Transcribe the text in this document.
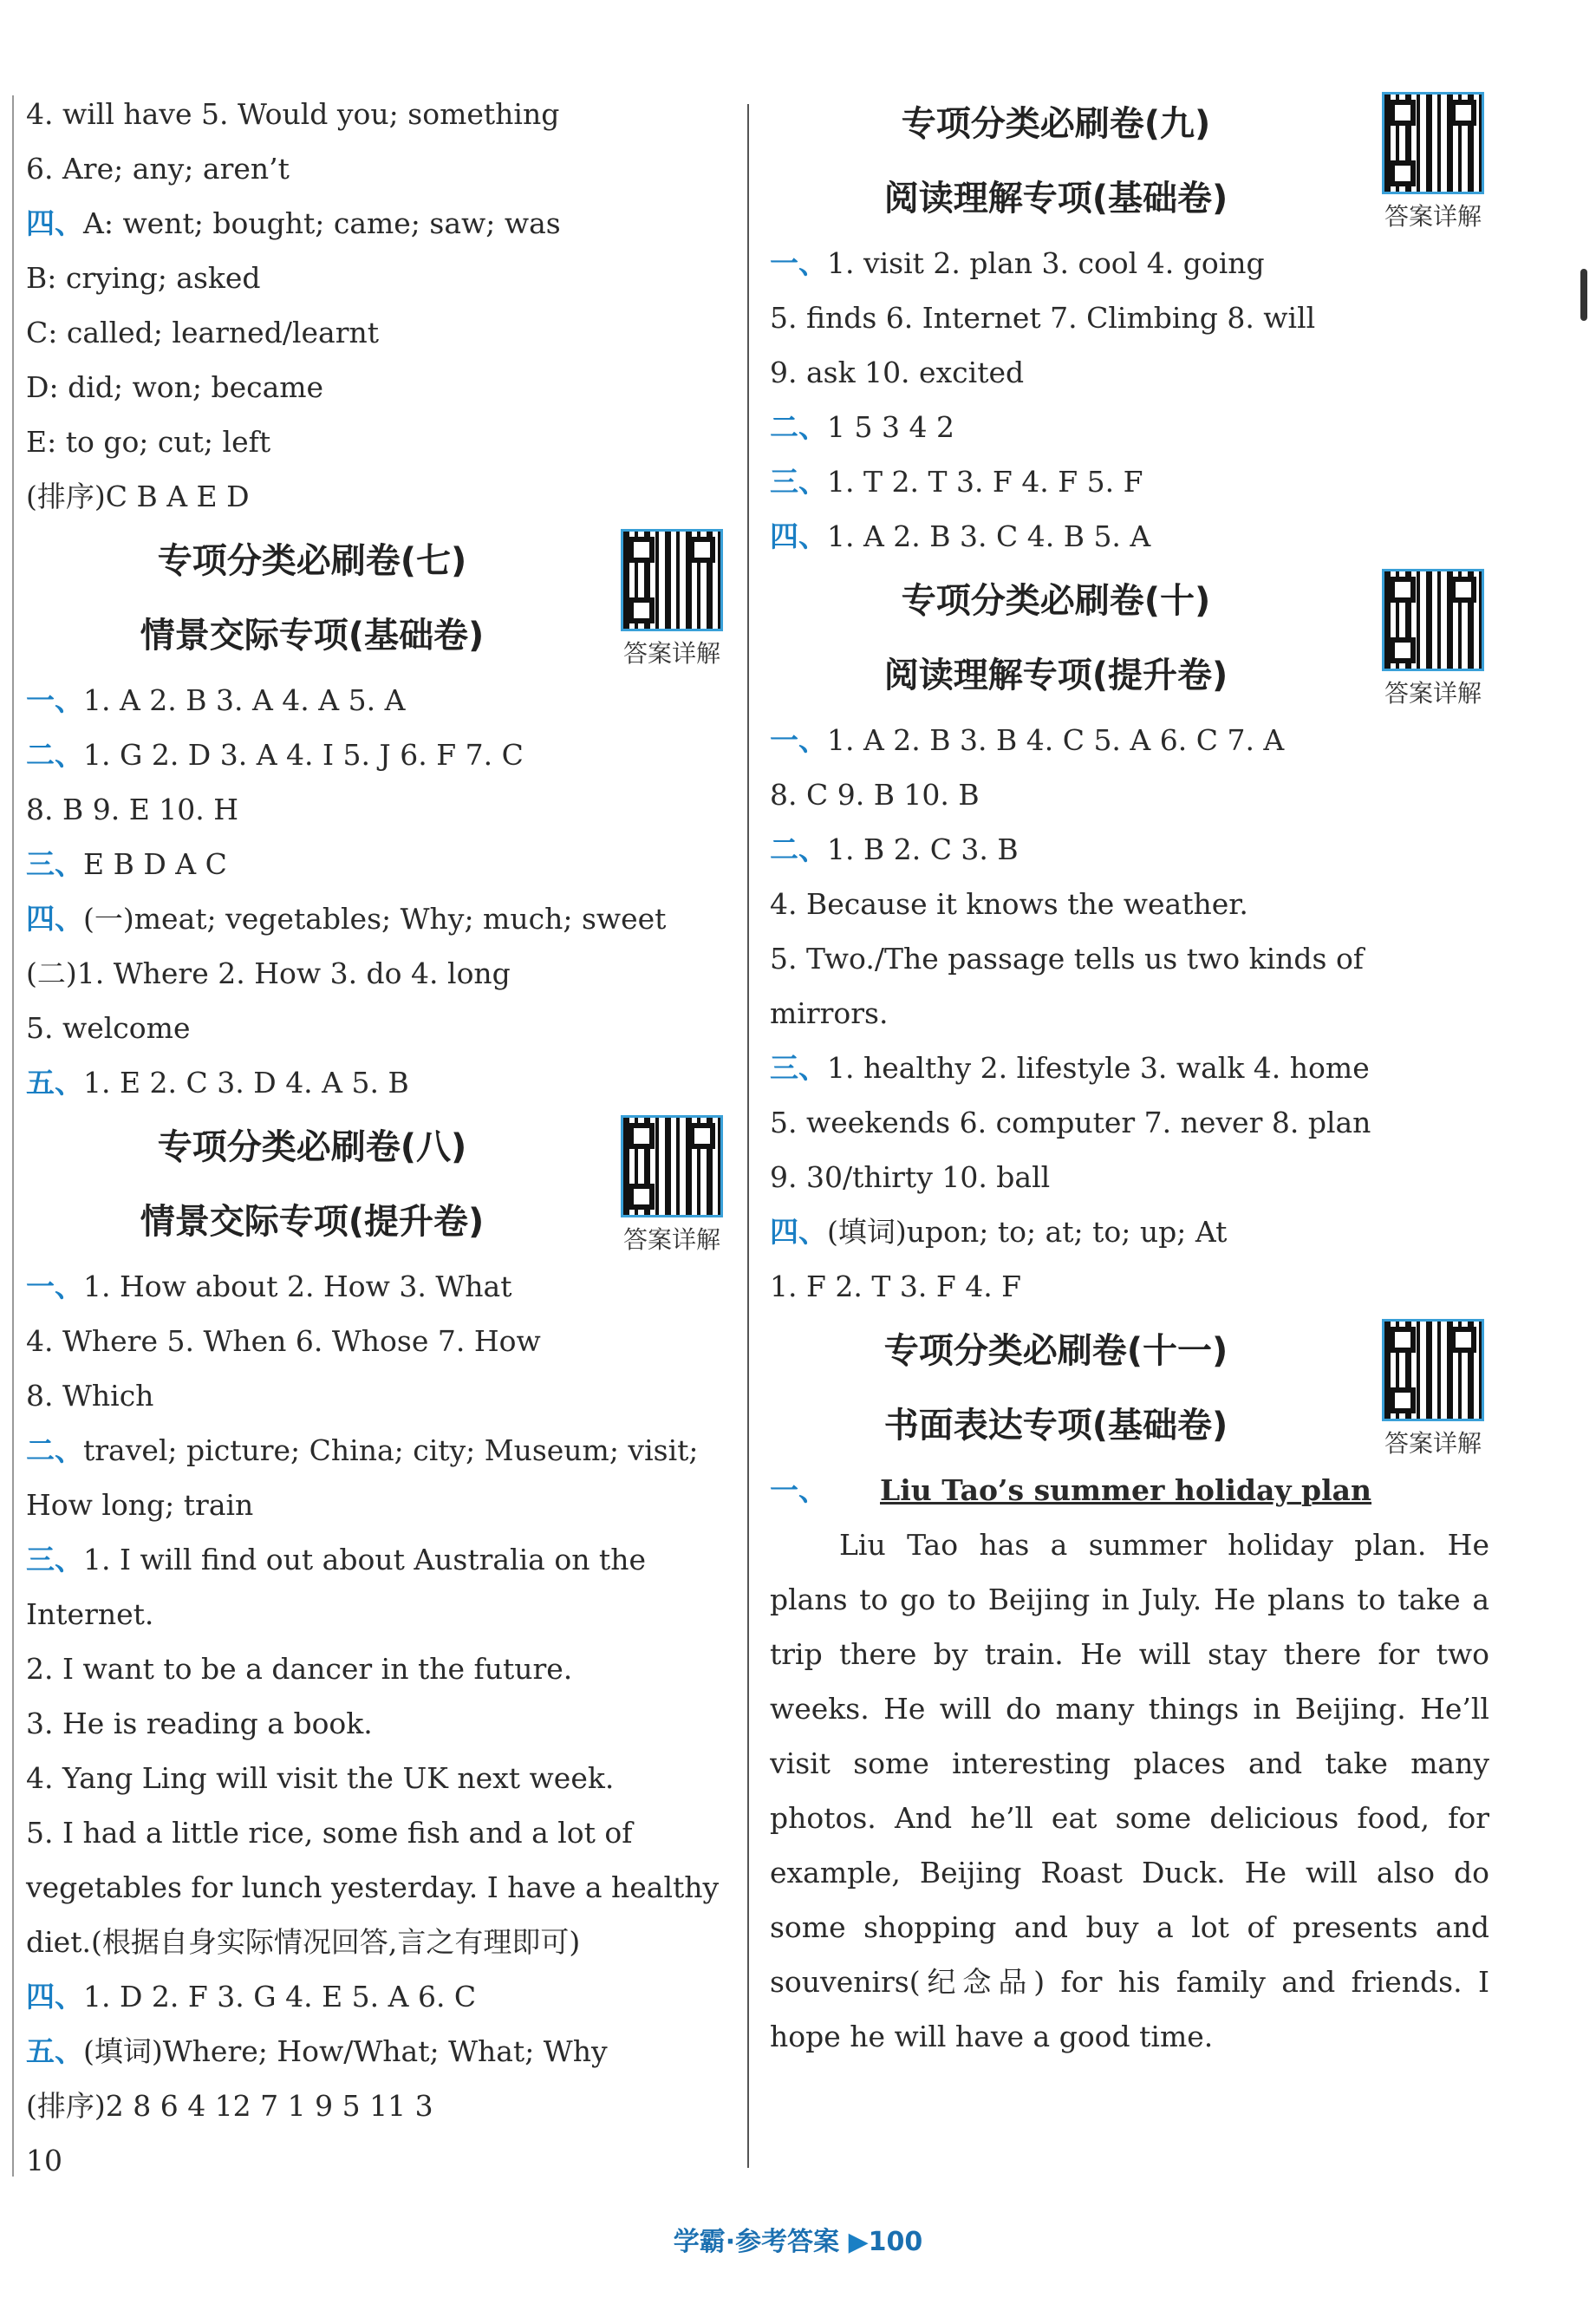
4. will have 5. Would you; something
6. Are; any; aren’t
四、A: went; bought; came; saw; was
B: crying; asked
C: called; learned/learnt
D: did; won; became
E: to go; cut; left
(排序)C B A E D
专项分类必刷卷(七)
情景交际专项(基础卷)	答案详解
一、1. A 2. B 3. A 4. A 5. A
二、1. G 2. D 3. A 4. I 5. J 6. F 7. C
8. B 9. E 10. H
三、E B D A C
四、(一)meat; vegetables; Why; much; sweet
(二)1. Where 2. How 3. do 4. long
5. welcome
五、1. E 2. C 3. D 4. A 5. B
专项分类必刷卷(八)
情景交际专项(提升卷)	答案详解
一、1. How about 2. How 3. What
4. Where 5. When 6. Whose 7. How
8. Which
二、travel; picture; China; city; Museum; visit;
How long; train
三、1. I will find out about Australia on the
Internet.
2. I want to be a dancer in the future.
3. He is reading a book.
4. Yang Ling will visit the UK next week.
5. I had a little rice, some fish and a lot of
vegetables for lunch yesterday. I have a healthy
diet.(根据自身实际情况回答,言之有理即可)
四、1. D 2. F 3. G 4. E 5. A 6. C
五、(填词)Where; How/What; What; Why
(排序)2 8 6 4 12 7 1 9 5 11 3
10
专项分类必刷卷(九)
阅读理解专项(基础卷)	答案详解
一、1. visit 2. plan 3. cool 4. going
5. finds 6. Internet 7. Climbing 8. will
9. ask 10. excited
二、1 5 3 4 2
三、1. T 2. T 3. F 4. F 5. F
四、1. A 2. B 3. C 4. B 5. A
专项分类必刷卷(十)
阅读理解专项(提升卷)	答案详解
一、1. A 2. B 3. B 4. C 5. A 6. C 7. A
8. C 9. B 10. B
二、1. B 2. C 3. B
4. Because it knows the weather.
5. Two./The passage tells us two kinds of
mirrors.
三、1. healthy 2. lifestyle 3. walk 4. home
5. weekends 6. computer 7. never 8. plan
9. 30/thirty 10. ball
四、(填词)upon; to; at; to; up; At
1. F 2. T 3. F 4. F
专项分类必刷卷(十一)
书面表达专项(基础卷)	答案详解
一、 Liu Tao’s summer holiday plan
Liu Tao has a summer holiday plan. He
plans to go to Beijing in July. He plans to take a
trip there by train. He will stay there for two
weeks. He will do many things in Beijing. He’ll
visit some interesting places and take many
photos. And he’ll eat some delicious food, for
example, Beijing Roast Duck. He will also do
some shopping and buy a lot of presents and
souvenirs(纪念品) for his family and friends. I
hope he will have a good time.
学霸·参考答案 ▶100
